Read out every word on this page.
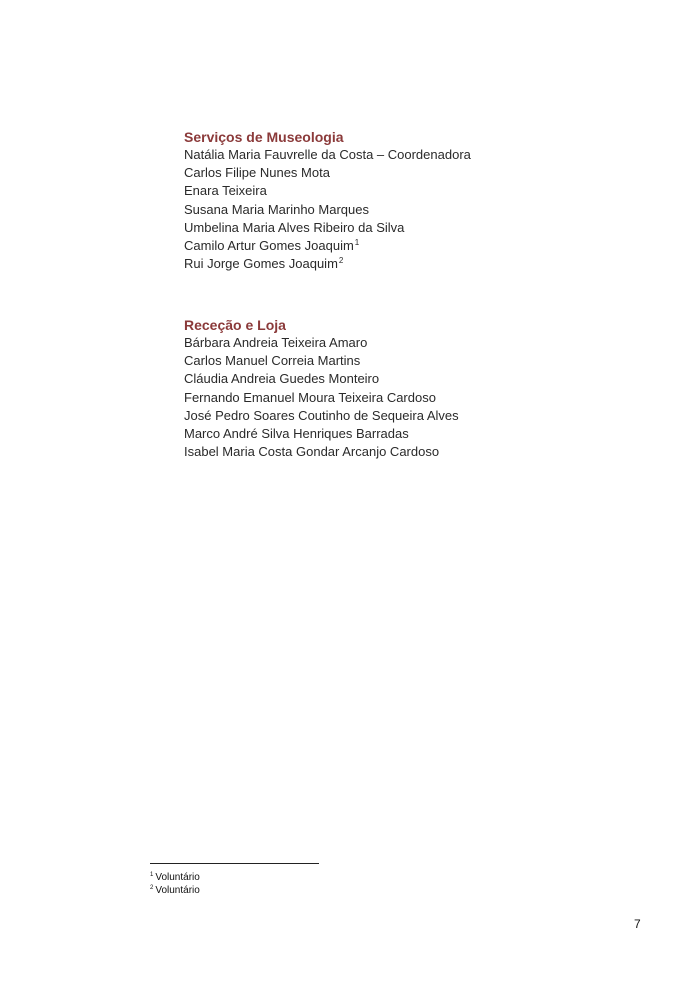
Serviços de Museologia
Natália Maria Fauvrelle da Costa – Coordenadora
Carlos Filipe Nunes Mota
Enara Teixeira
Susana Maria Marinho Marques
Umbelina Maria Alves Ribeiro da Silva
Camilo Artur Gomes Joaquim$^1$
Rui Jorge Gomes Joaquim$^2$
Receção e Loja
Bárbara Andreia Teixeira Amaro
Carlos Manuel Correia Martins
Cláudia Andreia Guedes Monteiro
Fernando Emanuel Moura Teixeira Cardoso
José Pedro Soares Coutinho de Sequeira Alves
Marco André Silva Henriques Barradas
Isabel Maria Costa Gondar Arcanjo Cardoso
$^1$ Voluntário
$^2$ Voluntário
7
